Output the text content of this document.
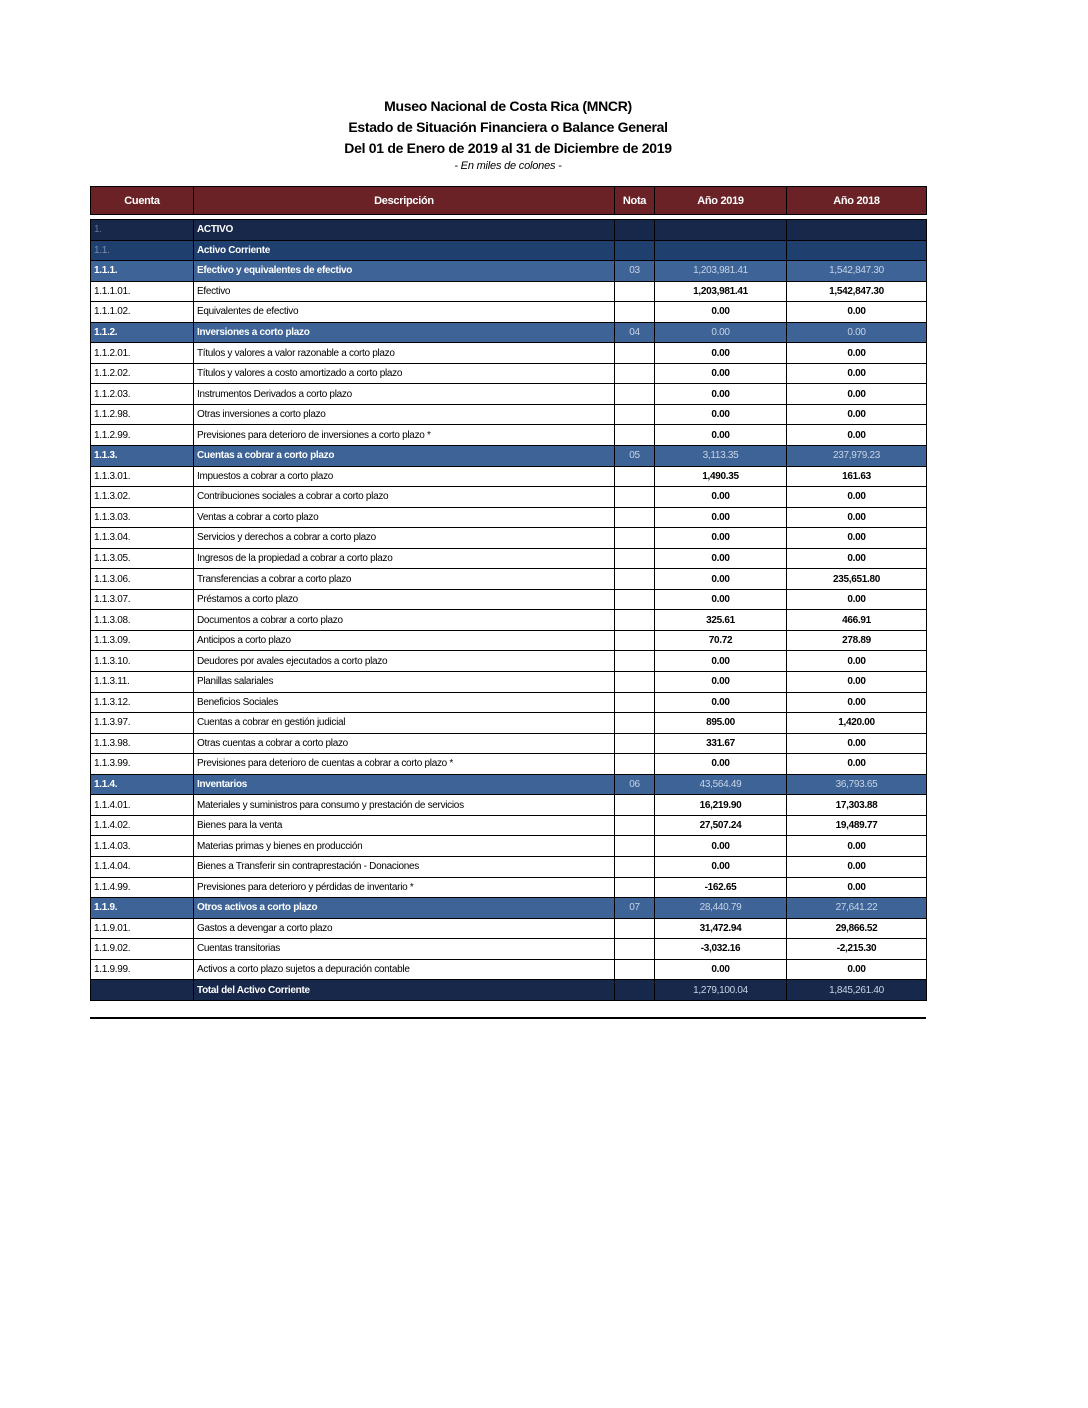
Museo Nacional de Costa Rica (MNCR)
Estado de Situación Financiera o Balance General
Del 01 de Enero de 2019 al 31 de Diciembre de 2019
- En miles de colones -
Cuenta	Descripción	Nota	Año 2019	Año 2018

1.	ACTIVO			
1.1.	Activo Corriente			
1.1.1.	Efectivo y equivalentes de efectivo	03	1,203,981.41	1,542,847.30
1.1.1.01.	Efectivo		1,203,981.41	1,542,847.30
1.1.1.02.	Equivalentes de efectivo		0.00	0.00
1.1.2.	Inversiones a corto plazo	04	0.00	0.00
1.1.2.01.	Títulos y valores a valor razonable a corto plazo		0.00	0.00
1.1.2.02.	Títulos y valores a costo amortizado a corto plazo		0.00	0.00
1.1.2.03.	Instrumentos Derivados a corto plazo		0.00	0.00
1.1.2.98.	Otras inversiones a corto plazo		0.00	0.00
1.1.2.99.	Previsiones para deterioro de inversiones a corto plazo *		0.00	0.00
1.1.3.	Cuentas a cobrar a corto plazo	05	3,113.35	237,979.23
1.1.3.01.	Impuestos a cobrar a corto plazo		1,490.35	161.63
1.1.3.02.	Contribuciones sociales a cobrar a corto plazo		0.00	0.00
1.1.3.03.	Ventas a cobrar a corto plazo		0.00	0.00
1.1.3.04.	Servicios y derechos a cobrar a corto plazo		0.00	0.00
1.1.3.05.	Ingresos de la propiedad a cobrar a corto plazo		0.00	0.00
1.1.3.06.	Transferencias a cobrar a corto plazo		0.00	235,651.80
1.1.3.07.	Préstamos a corto plazo		0.00	0.00
1.1.3.08.	Documentos a cobrar a corto plazo		325.61	466.91
1.1.3.09.	Anticipos a corto plazo		70.72	278.89
1.1.3.10.	Deudores por avales ejecutados a corto plazo		0.00	0.00
1.1.3.11.	Planillas salariales		0.00	0.00
1.1.3.12.	Beneficios Sociales		0.00	0.00
1.1.3.97.	Cuentas a cobrar en gestión judicial		895.00	1,420.00
1.1.3.98.	Otras cuentas a cobrar a corto plazo		331.67	0.00
1.1.3.99.	Previsiones para deterioro de cuentas a cobrar a corto plazo *		0.00	0.00
1.1.4.	Inventarios	06	43,564.49	36,793.65
1.1.4.01.	Materiales y suministros para consumo y prestación de servicios		16,219.90	17,303.88
1.1.4.02.	Bienes para la venta		27,507.24	19,489.77
1.1.4.03.	Materias primas y bienes en producción		0.00	0.00
1.1.4.04.	Bienes a Transferir sin contraprestación - Donaciones		0.00	0.00
1.1.4.99.	Previsiones para deterioro y pérdidas de inventario *		-162.65	0.00
1.1.9.	Otros activos a corto plazo	07	28,440.79	27,641.22
1.1.9.01.	Gastos a devengar a corto plazo		31,472.94	29,866.52
1.1.9.02.	Cuentas transitorias		-3,032.16	-2,215.30
1.1.9.99.	Activos a corto plazo sujetos a depuración contable		0.00	0.00
	Total del Activo Corriente		1,279,100.04	1,845,261.40
